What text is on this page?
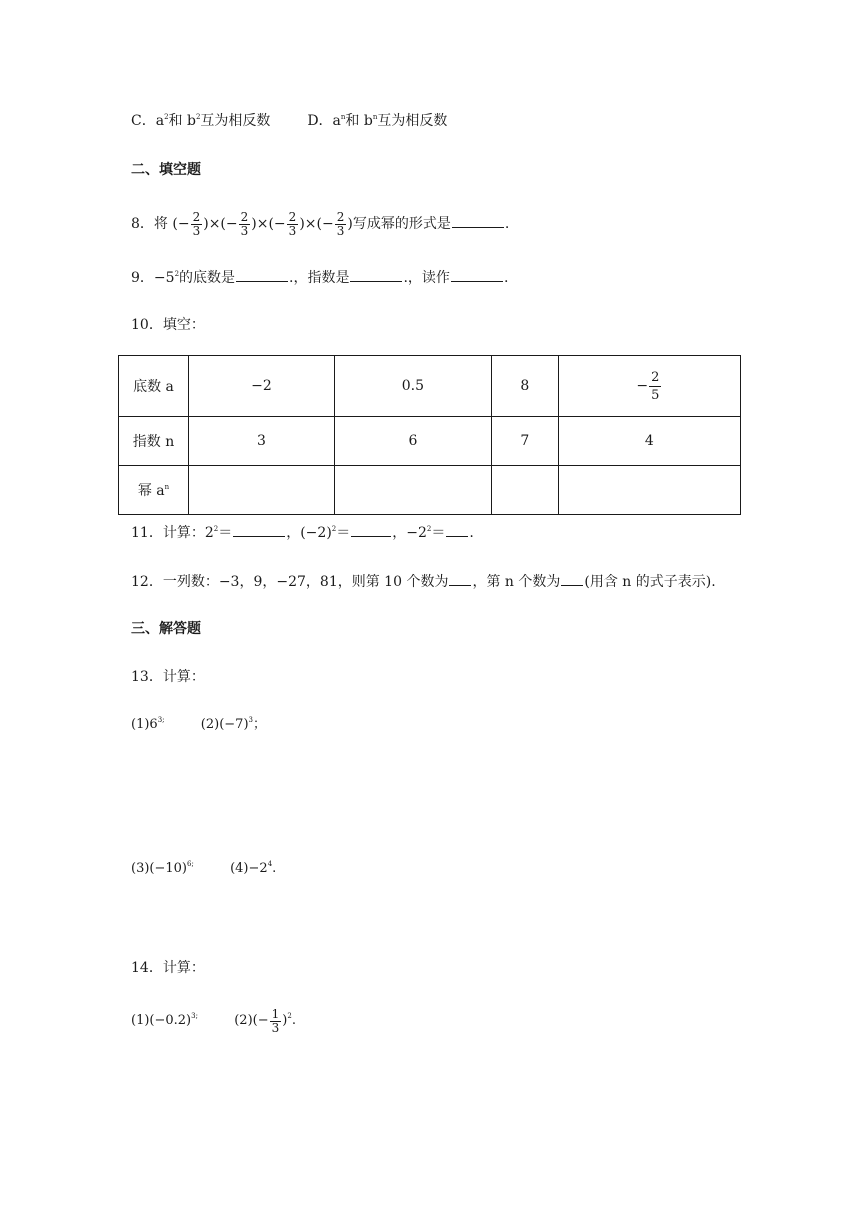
C．$a^2$和 $b^2$互为相反数	D．$a^n$和 $b^n$互为相反数
二、填空题
8．将 (− $\frac{2}{3}$ ) × (− $\frac{2}{3}$ ) × (− $\frac{2}{3}$ ) × (− $\frac{2}{3}$ ) 写成幂的形式是	.
9．$-5^2$的底数是	.，指数是	.，读作	.
10．填空：
底数 a	−2	0.5	8	− $\frac{2}{5}$

指数 n	3	6	7	4
幂 $a^n$				
11．计算：$2^2=$	，$(-2)^2=$	，$-2^2=$ .
12．一列数：−3，9，−27，81，则第 10 个数为 ，第 n 个数为 (用含 n 的式子表示).
三、解答题
13．计算：
$(1)6^{3;}$	$(2)(-7)^3$；
$(3)(-10)^{6;}$	$(4)-2^4$.
14．计算：
$(1)(-0.2)^{3;}$	(2) (− $\frac{1}{3}$ ) $^2$.
